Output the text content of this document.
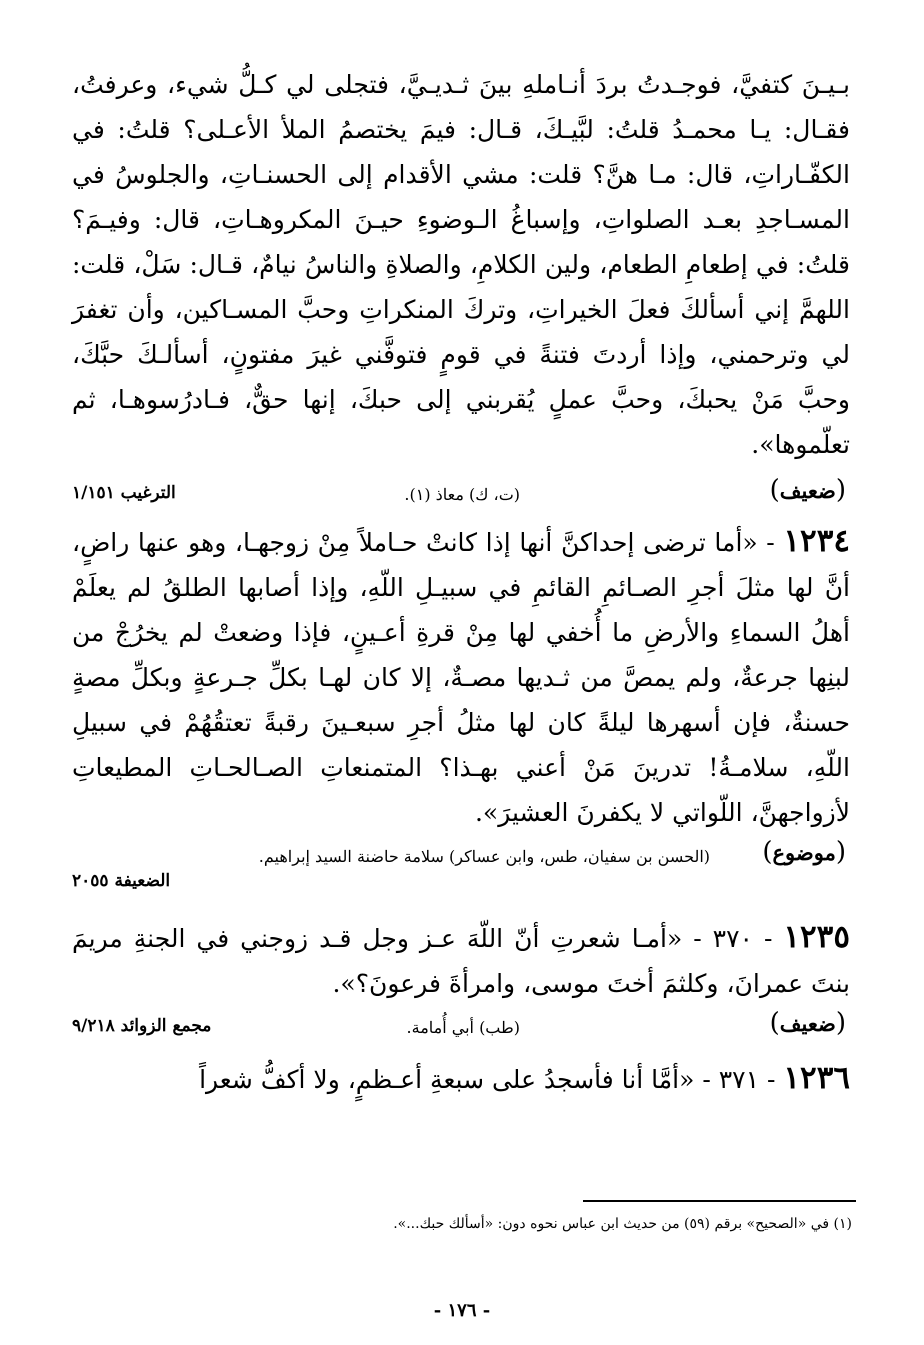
بـيـنَ كتفيَّ، فوجـدتُ بردَ أنـاملهِ بينَ ثـديـيَّ، فتجلى لي كـلُّ شيء، وعرفتُ، فقـال: يـا محمـدُ قلتُ: لبَّيـكَ، قـال: فيمَ يختصمُ الملأ الأعـلى؟ قلتُ: في الكفّـاراتِ، قال: مـا هنَّ؟ قلت: مشي الأقدام إلى الحسنـاتِ، والجلوسُ في المسـاجدِ بعـد الصلواتِ، وإسباغُ الـوضوءِ حيـنَ المكروهـاتِ، قال: وفيـمَ؟ قلتُ: في إطعامِ الطعام، ولين الكلامِ، والصلاةِ والناسُ نيامٌ، قـال: سَلْ، قلت: اللهمَّ إني أسألكَ فعلَ الخيراتِ، وتركَ المنكراتِ وحبَّ المسـاكين، وأن تغفرَ لي وترحمني، وإذا أردتَ فتنةً في قومٍ فتوفَّني غيرَ مفتونٍ، أسألـكَ حبَّكَ، وحبَّ مَنْ يحبكَ، وحبَّ عملٍ يُقربني إلى حبكَ، إنها حقٌّ، فـادرُسوهـا، ثم تعلّموها».

(ضعيف)
(ت، ك) معاذ (١).
الترغيب ١/١٥١

١٢٣٤ - «أما ترضى إحداكنَّ أنها إذا كانتْ حـاملاً مِنْ زوجهـا، وهو عنها راضٍ، أنَّ لها مثلَ أجرِ الصـائمِ القائمِ في سبيـلِ اللّهِ، وإذا أصابها الطلقُ لم يعلَمْ أهلُ السماءِ والأرضِ ما أُخفي لها مِنْ قرةِ أعـينٍ، فإذا وضعتْ لم يخرُجْ من لبنِها جرعةٌ، ولم يمصَّ من ثـديها مصـةٌ، إلا كان لهـا بكلِّ جـرعةٍ وبكلِّ مصةٍ حسنةٌ، فإن أسهرها ليلةً كان لها مثلُ أجرِ سبعـينَ رقبةً تعتقُهُمْ في سبيلِ اللّهِ، سلامـةُ! تدرينَ مَنْ أعني بهـذا؟ المتمنعاتِ الصـالحـاتِ المطيعاتِ لأزواجهنَّ، اللّواتي لا يكفرنَ العشيرَ».

(موضوع)
(الحسن بن سفيان، طس، وابن عساكر) سلامة حاضنة السيد إبراهيم.
الضعيفة ٢٠٥٥

١٢٣٥ - ٣٧٠ - «أمـا شعرتِ أنّ اللّهَ عـز وجل قـد زوجني في الجنةِ مريمَ بنتَ عمرانَ، وكلثمَ أختَ موسى، وامرأةَ فرعونَ؟».

(ضعيف)
(طب) أبي أُمامة.
مجمع الزوائد ٩/٢١٨

١٢٣٦ - ٣٧١ - «أمَّا أنا فأسجدُ على سبعةِ أعـظمٍ، ولا أكفُّ شعراً

(١) في «الصحيح» برقم (٥٩) من حديث ابن عباس نحوه دون: «أسألك حبك...».
- ١٧٦ -
